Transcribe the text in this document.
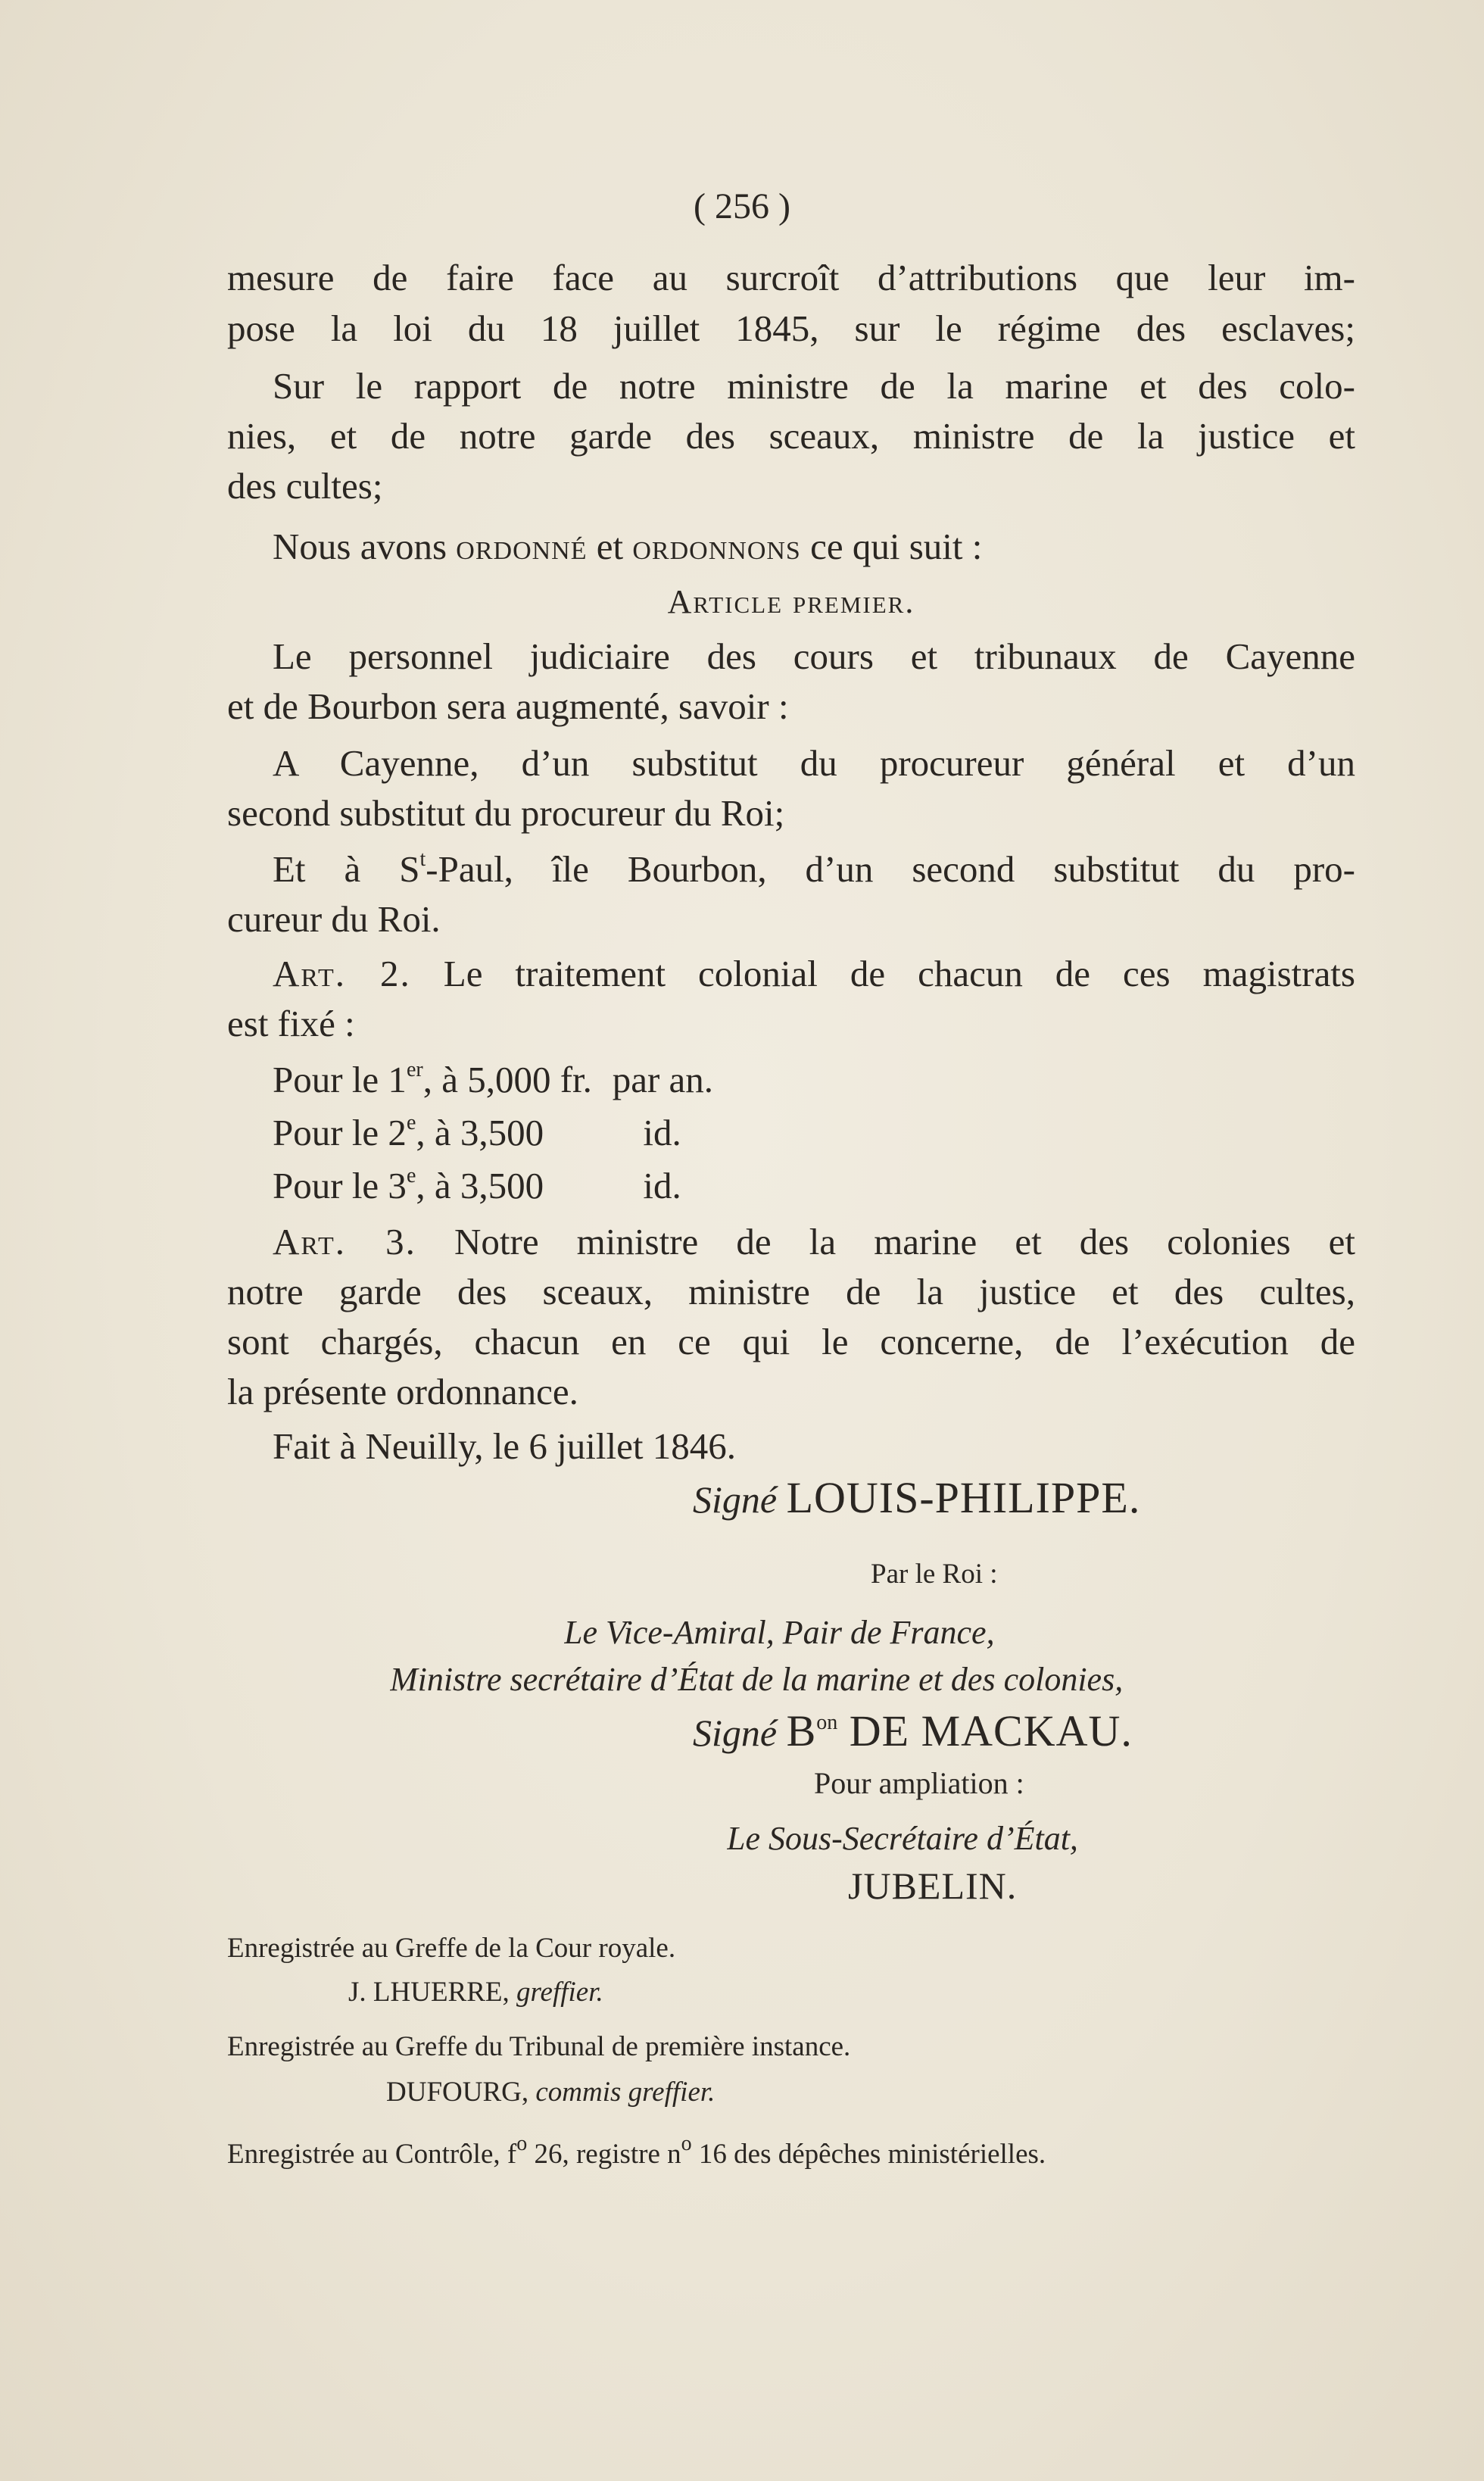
( 256 )

mesure de faire face au surcroît d’attributions que leur im-

pose la loi du 18 juillet 1845, sur le régime des esclaves;

Sur le rapport de notre ministre de la marine et des colo-

nies, et de notre garde des sceaux, ministre de la justice et

des cultes;

Nous avons ordonné et ordonnons ce qui suit :

Article premier.

Le personnel judiciaire des cours et tribunaux de Cayenne

et de Bourbon sera augmenté, savoir :

A Cayenne, d’un substitut du procureur général et d’un

second substitut du procureur du Roi;

Et à $S^t$-Paul, île Bourbon, d’un second substitut du pro-

cureur du Roi.

Art. 2. Le traitement colonial de chacun de ces magistrats

est fixé :

Pour le 1er, à 5,000 fr. par an.

Pour le 2e, à 3,500	id.

Pour le 3e, à 3,500	id.

Art. 3. Notre ministre de la marine et des colonies et

notre garde des sceaux, ministre de la justice et des cultes,

sont chargés, chacun en ce qui le concerne, de l’exécution de

la présente ordonnance.

Fait à Neuilly, le 6 juillet 1846.

Signé LOUIS-PHILIPPE.

Par le Roi :

Le Vice-Amiral, Pair de France,

Ministre secrétaire d’État de la marine et des colonies,

Signé $B^{on}$ DE MACKAU.

Pour ampliation :

Le Sous-Secrétaire d’État,

JUBELIN.

Enregistrée au Greffe de la Cour royale.

J. LHUERRE, greffier.

Enregistrée au Greffe du Tribunal de première instance.

DUFOURG, commis greffier.

Enregistrée au Contrôle, $f^o$ 26, registre $n^o$ 16 des dépêches ministérielles.
